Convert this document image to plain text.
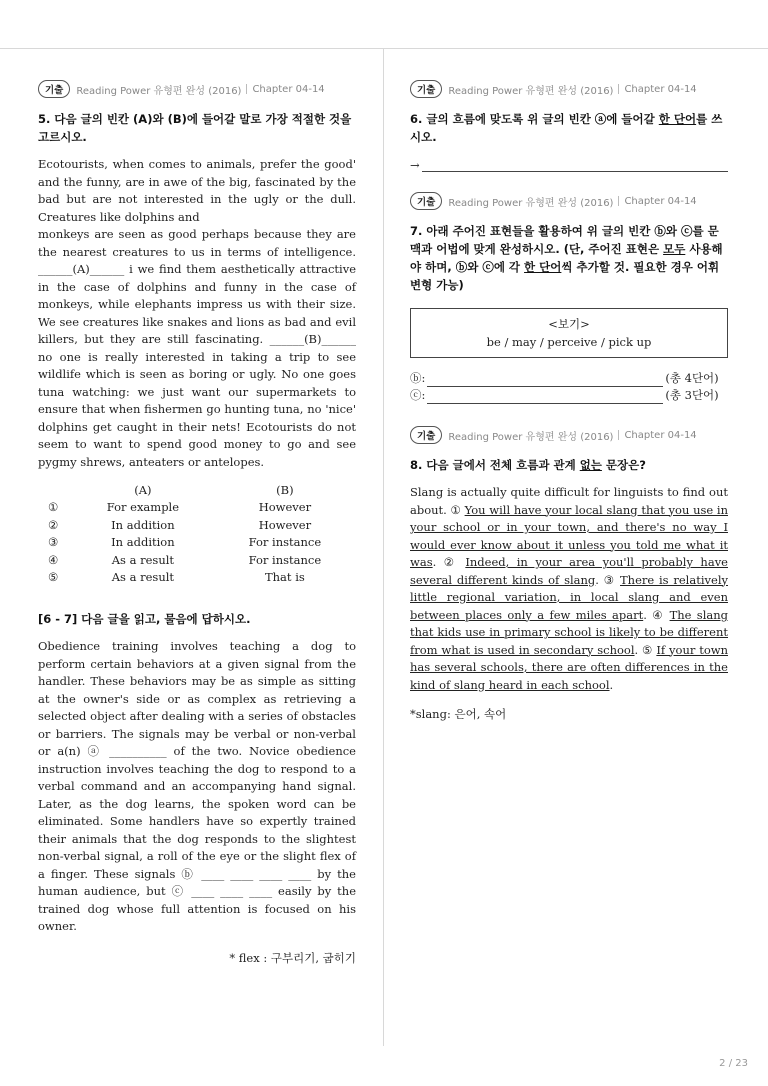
기출	Reading Power 유형편 완성 (2016) Chapter 04-14
5. 다음 글의 빈칸 (A)와 (B)에 들어갈 말로 가장 적절한 것을 고르시오.

Ecotourists, when comes to animals, prefer the good' and the funny, are in awe of the big, fascinated by the bad but are not interested in the ugly or the dull. Creatures like dolphins and

monkeys are seen as good perhaps because they are the nearest creatures to us in terms of intelligence. ______(A)______ i we find them aesthetically attractive in the case of dolphins and funny in the case of monkeys, while elephants impress us with their size. We see creatures like snakes and lions as bad and evil killers, but they are still fascinating. ______(B)______ no one is really interested in taking a trip to see wildlife which is seen as boring or ugly. No one goes tuna watching: we just want our supermarkets to ensure that when fishermen go hunting tuna, no 'nice' dolphins get caught in their nets! Ecotourists do not seem to want to spend good money to go and see pygmy shrews, anteaters or antelopes.

	(A)	(B)
①	For example	However
②	In addition	However
③	In addition	For instance
④	As a result	For instance
⑤	As a result	That is
[6 - 7] 다음 글을 읽고, 물음에 답하시오.

Obedience training involves teaching a dog to perform certain behaviors at a given signal from the handler. These behaviors may be as simple as sitting at the owner's side or as complex as retrieving a selected object after dealing with a series of obstacles or barriers. The signals may be verbal or non-verbal or a(n) ⓐ __________ of the two. Novice obedience instruction involves teaching the dog to respond to a verbal command and an accompanying hand signal. Later, as the dog learns, the spoken word can be eliminated. Some handlers have so expertly trained their animals that the dog responds to the slightest non-verbal signal, a roll of the eye or the slight flex of a finger. These signals ⓑ ____ ____ ____ ____ by the human audience, but ⓒ ____ ____ ____ easily by the trained dog whose full attention is focused on his owner.

* flex : 구부리기, 굽히기
기출	Reading Power 유형편 완성 (2016) Chapter 04-14
6. 글의 흐름에 맞도록 위 글의 빈칸 ⓐ에 들어갈 한 단어를 쓰시오.
→
기출	Reading Power 유형편 완성 (2016) Chapter 04-14
7. 아래 주어진 표현들을 활용하여 위 글의 빈칸 ⓑ와 ⓒ를 문맥과 어법에 맞게 완성하시오. (단, 주어진 표현은 모두 사용해야 하며, ⓑ와 ⓒ에 각 한 단어씩 추가할 것. 필요한 경우 어휘 변형 가능)
<보기>
be / may / perceive / pick up
ⓑ:	(총 4단어)
ⓒ:	(총 3단어)
기출	Reading Power 유형편 완성 (2016) Chapter 04-14
8. 다음 글에서 전체 흐름과 관계 없는 문장은?

Slang is actually quite difficult for linguists to find out about. ① You will have your local slang that you use in your school or in your town, and there's no way I would ever know about it unless you told me what it was. ② Indeed, in your area you'll probably have several different kinds of slang. ③ There is relatively little regional variation, in local slang and even between places only a few miles apart. ④ The slang that kids use in primary school is likely to be different from what is used in secondary school. ⑤ If your town has several schools, there are often differences in the kind of slang heard in each school.

*slang: 은어, 속어
2 / 23
